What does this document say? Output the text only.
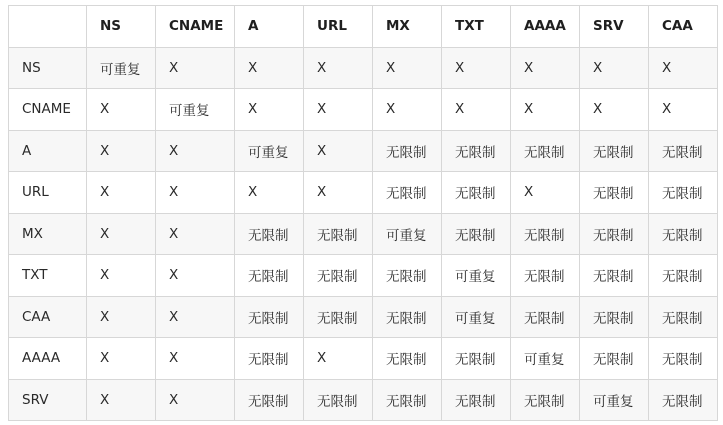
	NS	CNAME	A	URL	MX	TXT	AAAA	SRV	CAA
NS	可重复	X	X	X	X	X	X	X	X
CNAME	X	可重复	X	X	X	X	X	X	X
A	X	X	可重复	X	无限制	无限制	无限制	无限制	无限制
URL	X	X	X	X	无限制	无限制	X	无限制	无限制
MX	X	X	无限制	无限制	可重复	无限制	无限制	无限制	无限制
TXT	X	X	无限制	无限制	无限制	可重复	无限制	无限制	无限制
CAA	X	X	无限制	无限制	无限制	可重复	无限制	无限制	无限制
AAAA	X	X	无限制	X	无限制	无限制	可重复	无限制	无限制
SRV	X	X	无限制	无限制	无限制	无限制	无限制	可重复	无限制
